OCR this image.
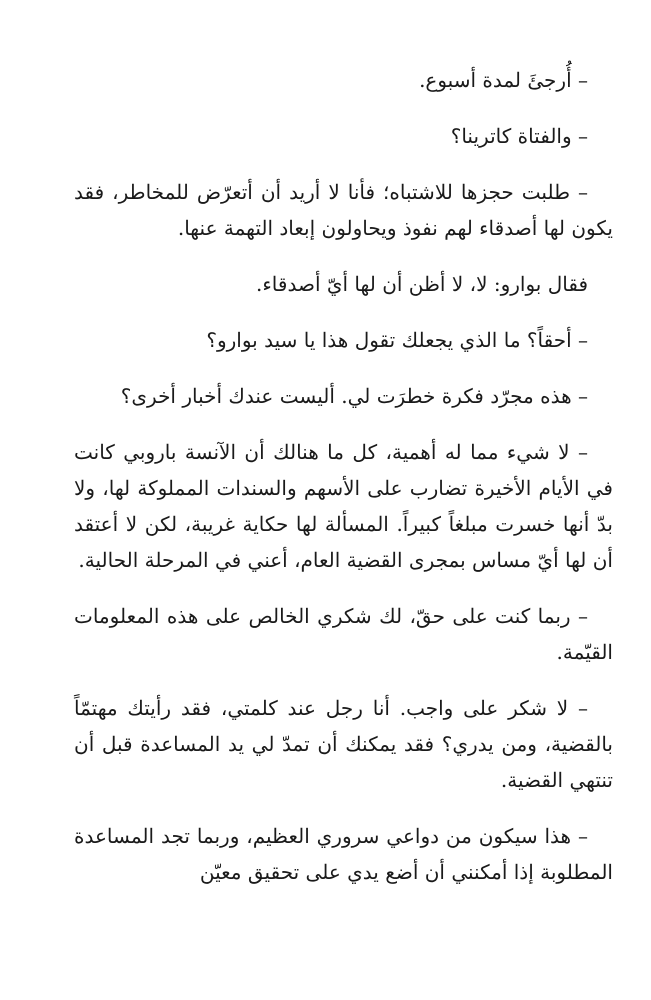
– أُرجئَ لمدة أسبوع.

– والفتاة كاترينا؟

– طلبت حجزها للاشتباه؛ فأنا لا أريد أن أتعرّض للمخاطر، فقد يكون لها أصدقاء لهم نفوذ ويحاولون إبعاد التهمة عنها.

فقال بوارو: لا، لا أظن أن لها أيّ أصدقاء.

– أحقاً؟ ما الذي يجعلك تقول هذا يا سيد بوارو؟

– هذه مجرّد فكرة خطرَت لي. أليست عندك أخبار أخرى؟

– لا شيء مما له أهمية، كل ما هنالك أن الآنسة باروبي كانت في الأيام الأخيرة تضارب على الأسهم والسندات المملوكة لها، ولا بدّ أنها خسرت مبلغاً كبيراً. المسألة لها حكاية غريبة، لكن لا أعتقد أن لها أيّ مساس بمجرى القضية العام، أعني في المرحلة الحالية.

– ربما كنت على حقّ، لك شكري الخالص على هذه المعلومات القيّمة.

– لا شكر على واجب. أنا رجل عند كلمتي، فقد رأيتك مهتمّاً بالقضية، ومن يدري؟ فقد يمكنك أن تمدّ لي يد المساعدة قبل أن تنتهي القضية.

– هذا سيكون من دواعي سروري العظيم، وربما تجد المساعدة المطلوبة إذا أمكنني أن أضع يدي على تحقيق معيّن
